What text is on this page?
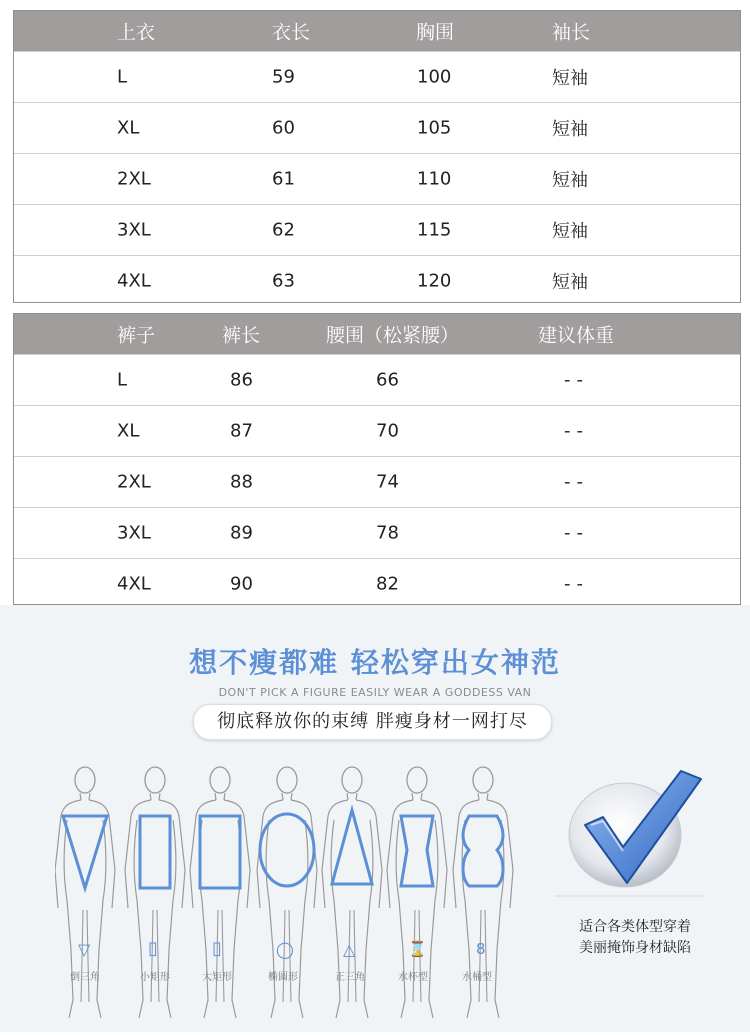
上衣	衣长	胸围	袖长
L	59	100	短袖
XL	60	105	短袖
2XL	61	110	短袖
3XL	62	115	短袖
4XL	63	120	短袖
裤子	裤长	腰围（松紧腰）	建议体重
L	86	66	--
XL	87	70	--
2XL	88	74	--
3XL	89	78	--
4XL	90	82	--
想不瘦都难 轻松穿出女神范
DON'T PICK A FIGURE EASILY WEAR A GODDESS VAN
彻底释放你的束缚 胖瘦身材一网打尽
▽
倒三角
▯
小矩形
▯
大矩形
◯
椭圆形
△
正三角
⌛
水杯型
8
水桶型
适合各类体型穿着
美丽掩饰身材缺陷
